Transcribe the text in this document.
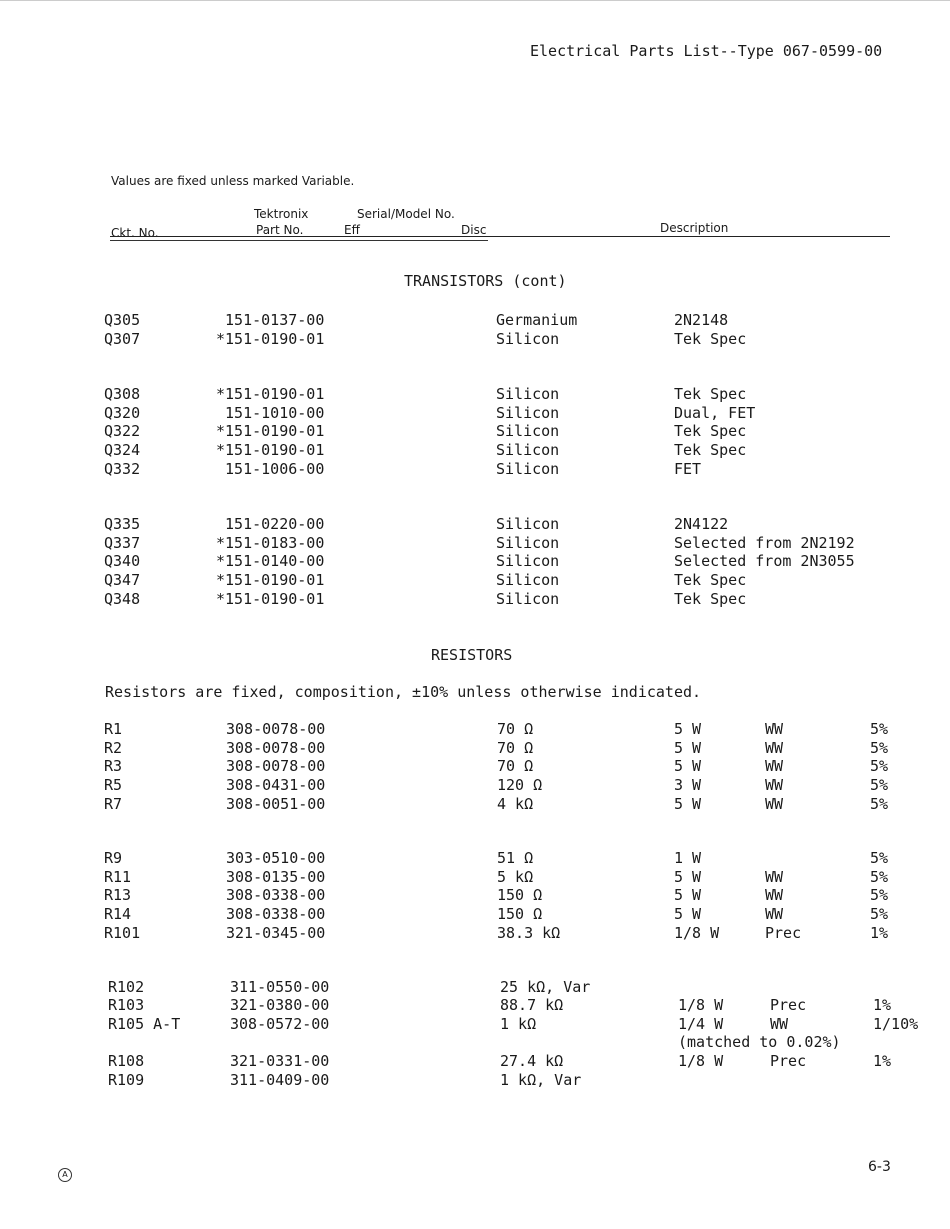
Electrical Parts List--Type 067-0599-00
Values are fixed unless marked Variable.
Tektronix	Serial/Model No.
Ckt. No.	Part No.	Eff	Disc	Description
TRANSISTORS (cont)
Q305	151-0137-00	Germanium	2N2148
Q307	*151-0190-01	Silicon	Tek Spec
Q308	*151-0190-01	Silicon	Tek Spec
Q320	151-1010-00	Silicon	Dual, FET
Q322	*151-0190-01	Silicon	Tek Spec
Q324	*151-0190-01	Silicon	Tek Spec
Q332	151-1006-00	Silicon	FET
Q335	151-0220-00	Silicon	2N4122
Q337	*151-0183-00	Silicon	Selected from 2N2192
Q340	*151-0140-00	Silicon	Selected from 2N3055
Q347	*151-0190-01	Silicon	Tek Spec
Q348	*151-0190-01	Silicon	Tek Spec
RESISTORS
Resistors are fixed, composition, ±10% unless otherwise indicated.
R1	308-0078-00	70 Ω	5 W	WW	5%
R2	308-0078-00	70 Ω	5 W	WW	5%
R3	308-0078-00	70 Ω	5 W	WW	5%
R5	308-0431-00	120 Ω	3 W	WW	5%
R7	308-0051-00	4 kΩ	5 W	WW	5%
R9	303-0510-00	51 Ω	1 W	5%
R11	308-0135-00	5 kΩ	5 W	WW	5%
R13	308-0338-00	150 Ω	5 W	WW	5%
R14	308-0338-00	150 Ω	5 W	WW	5%
R101	321-0345-00	38.3 kΩ	1/8 W	Prec	1%
R102	311-0550-00	25 kΩ, Var
R103	321-0380-00	88.7 kΩ	1/8 W	Prec	1%
R105 A-T	308-0572-00	1 kΩ	1/4 W	WW	1/10%
(matched to 0.02%)
R108	321-0331-00	27.4 kΩ	1/8 W	Prec	1%
R109	311-0409-00	1 kΩ, Var
A	6-3
